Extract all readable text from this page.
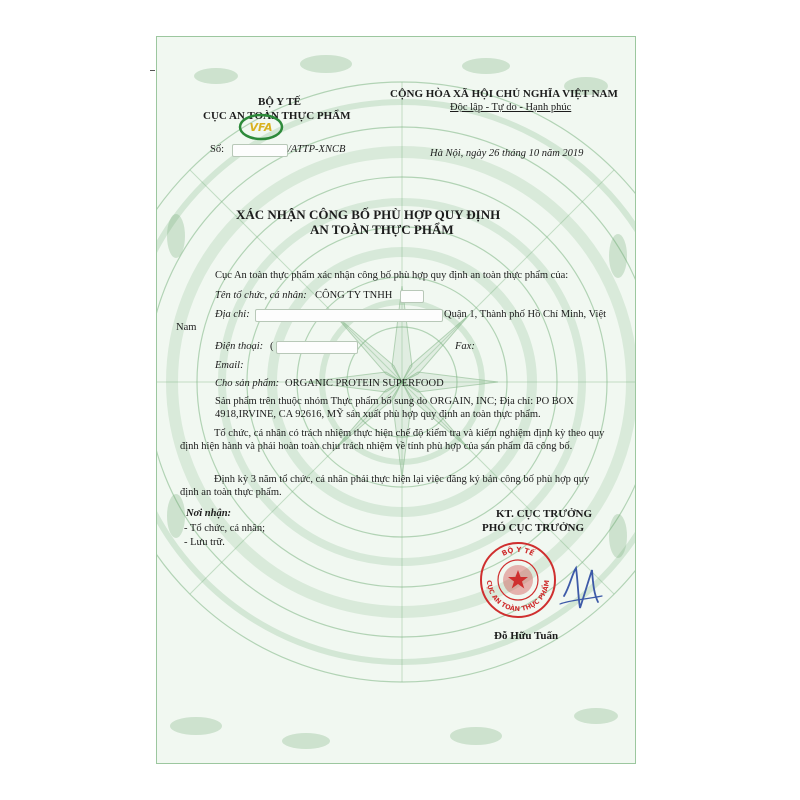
BỘ Y TẾ
CỤC AN TOÀN THỰC PHẨM
VFA
Số:	/ATTP-XNCB
CỘNG HÒA XÃ HỘI CHỦ NGHĨA VIỆT NAM
Độc lập - Tự do - Hạnh phúc
Hà Nội, ngày 26 tháng 10 năm 2019
XÁC NHẬN CÔNG BỐ PHÙ HỢP QUY ĐỊNH
AN TOÀN THỰC PHẨM
Cục An toàn thực phẩm xác nhận công bố phù hợp quy định an toàn thực phẩm của:
Tên tổ chức, cá nhân: CÔNG TY TNHH
Địa chỉ:	Quận 1, Thành phố Hồ Chí Minh, Việt
Nam
Điện thoại: (	Fax:
Email:
Cho sản phẩm: ORGANIC PROTEIN SUPERFOOD
Sản phẩm trên thuộc nhóm Thực phẩm bổ sung do ORGAIN, INC; Địa chỉ: PO BOX 4918,IRVINE, CA 92616, MỸ sản xuất phù hợp quy định an toàn thực phẩm.
Tổ chức, cá nhân có trách nhiệm thực hiện chế độ kiểm tra và kiểm nghiệm định kỳ theo quy định hiện hành và phải hoàn toàn chịu trách nhiệm về tính phù hợp của sản phẩm đã công bố.
Định kỳ 3 năm tổ chức, cá nhân phải thực hiện lại việc đăng ký bản công bố phù hợp quy định an toàn thực phẩm.
Nơi nhận:
- Tổ chức, cá nhân;
- Lưu trữ.
KT. CỤC TRƯỞNG
PHÓ CỤC TRƯỞNG
BỘ Y TẾ
CỤC AN TOÀN THỰC PHẨM
Đỗ Hữu Tuấn
